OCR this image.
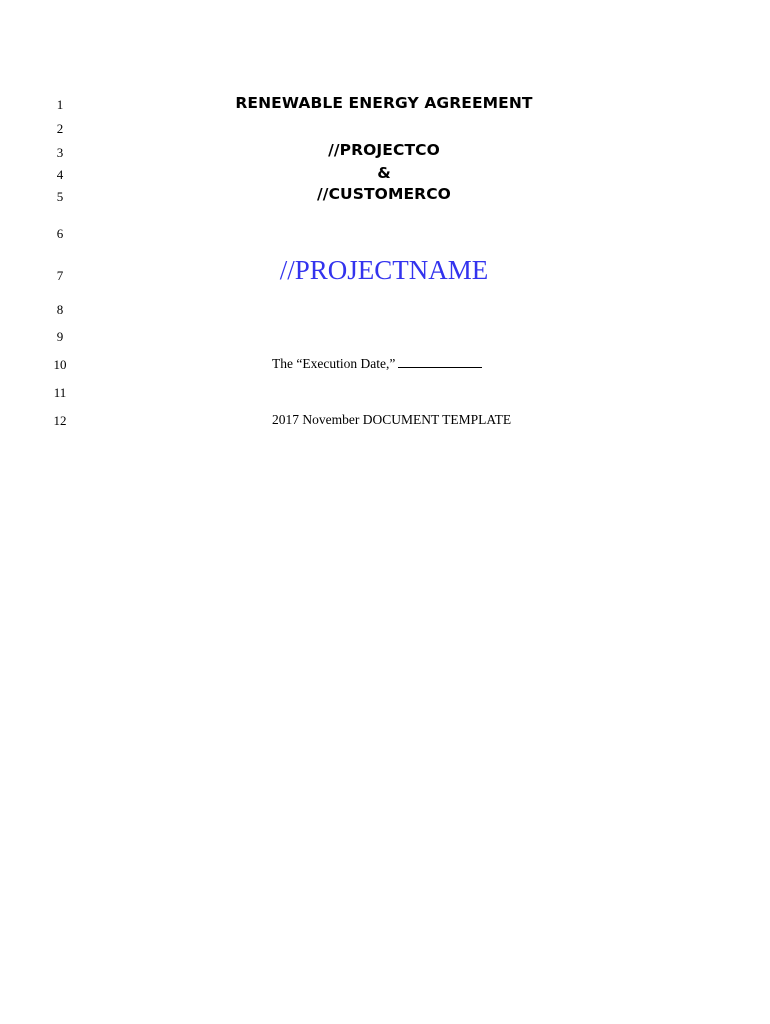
1
2
3
4
5
6
7
8
9
10
11
12
RENEWABLE ENERGY AGREEMENT
//PROJECTCO
&
//CUSTOMERCO
//PROJECTNAME
The “Execution Date,”
2017 November DOCUMENT TEMPLATE
